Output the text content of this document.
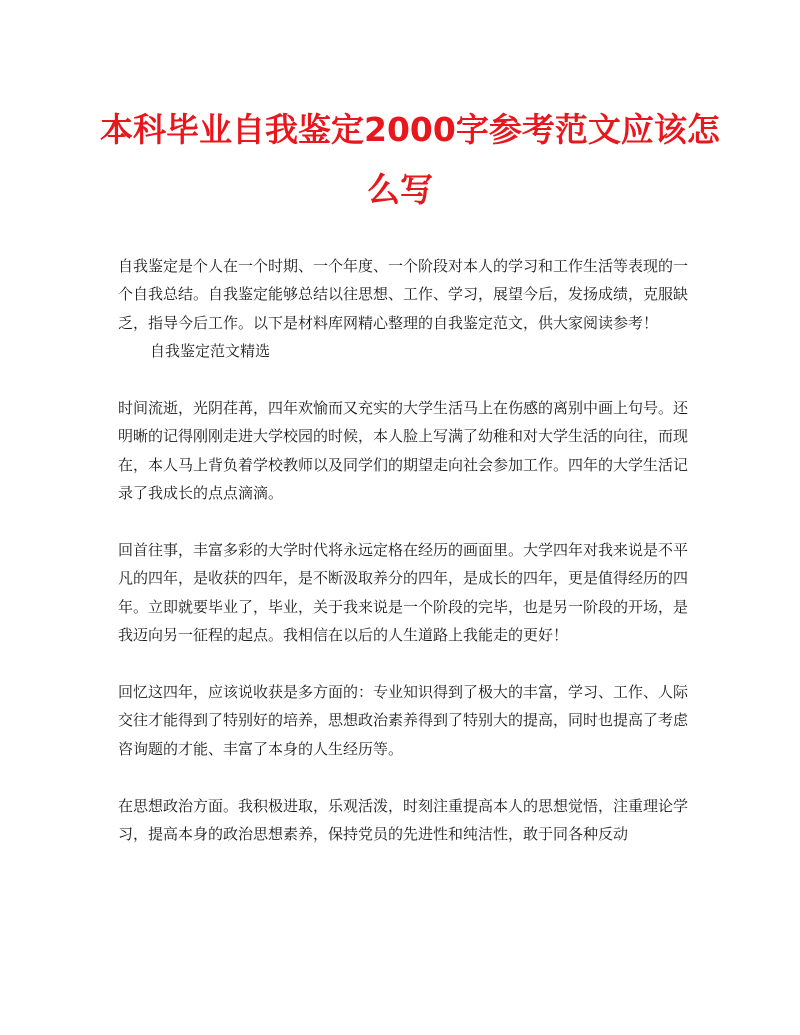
本科毕业自我鉴定2000字参考范文应该怎
么写

自我鉴定是个人在一个时期、一个年度、一个阶段对本人的学习和工作生活等表现的一个自我总结。自我鉴定能够总结以往思想、工作、学习，展望今后，发扬成绩，克服缺乏，指导今后工作。以下是材料库网精心整理的自我鉴定范文，供大家阅读参考！

自我鉴定范文精选

时间流逝，光阴荏苒，四年欢愉而又充实的大学生活马上在伤感的离别中画上句号。还明晰的记得刚刚走进大学校园的时候，本人脸上写满了幼稚和对大学生活的向往，而现在，本人马上背负着学校教师以及同学们的期望走向社会参加工作。四年的大学生活记录了我成长的点点滴滴。

回首往事，丰富多彩的大学时代将永远定格在经历的画面里。大学四年对我来说是不平凡的四年，是收获的四年，是不断汲取养分的四年，是成长的四年，更是值得经历的四年。立即就要毕业了，毕业，关于我来说是一个阶段的完毕，也是另一阶段的开场，是我迈向另一征程的起点。我相信在以后的人生道路上我能走的更好！

回忆这四年，应该说收获是多方面的：专业知识得到了极大的丰富，学习、工作、人际交往才能得到了特别好的培养，思想政治素养得到了特别大的提高，同时也提高了考虑咨询题的才能、丰富了本身的人生经历等。

在思想政治方面。我积极进取，乐观活泼，时刻注重提高本人的思想觉悟，注重理论学习，提高本身的政治思想素养，保持党员的先进性和纯洁性，敢于同各种反动
